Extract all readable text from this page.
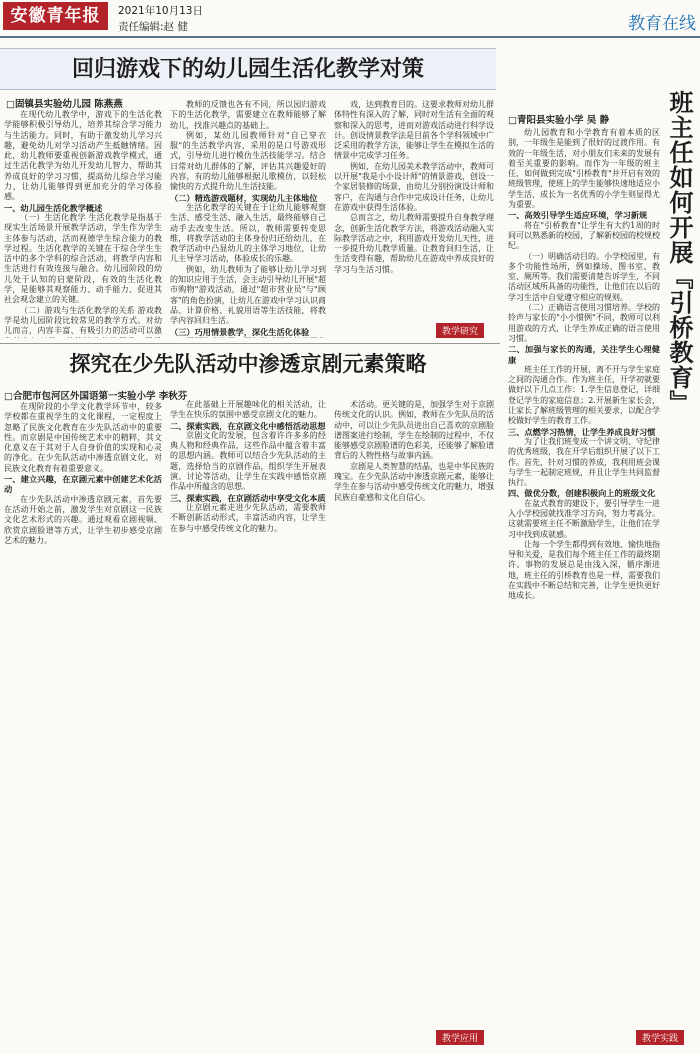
安徽青年报	2021年10月13日
责任编辑:赵 健	教育在线
回归游戏下的幼儿园生活化教学对策
□固镇县实验幼儿园 陈燕燕

在现代幼儿教学中，游戏下的生活化教学能够积极引导幼儿，培养其综合学习能力与生活能力。同时，有助于激发幼儿学习兴趣，避免幼儿对学习活动产生抵触情绪。因此，幼儿教师要重视创新游戏教学模式，通过生活化教学为幼儿开发幼儿智力，帮助其养成良好的学习习惯，提高幼儿综合学习能力，让幼儿能够得到更加充分的学习体验感。

一、幼儿园生活化教学概述

（一）生活化教学 生活化教学是指基于现实生活场景开展教学活动，学生作为学生主体参与活动，活而视德学生综合能力的教学过程。生活化教学的关键在于综合学生生活中的多个学科的综合活动，将教学内容和生活进行有效连接与融合。幼儿园阶段的幼儿处于认知的启蒙阶段，有效的生活化教学，是能够其观察能力、动手能力、促进其社会观念建立的关键。

（二）游戏与生活化教学的关系 游戏教学是幼儿园阶段比较常见的教学方式。对幼儿而言，内容丰富、有吸引力的活动可以激

教师的反馈也各有不同，所以园归游戏下的生活化教学，需要建立在教师能够了解幼儿，找准兴趣点的基础上。

例如，某幼儿园教师针对"自己穿衣服"的生活教学内容，采用的是口号游戏形式，引导幼儿进行模仿生活技能学习。结合日常对幼儿群体的了解，评估其兴趣爱好的内容，有的幼儿能够根据儿歌模仿，以轻松愉快的方式提升幼儿生活技能。

（二）精选游戏题材，实现幼儿主体地位

生活化教学的关键在于让幼儿能够观察生活、感受生活、融入生活，最终能够自己动手去改变生活。所以，教师需要转变思维，将教学活动的主体身份归还给幼儿，在教学活动中凸显幼儿的主体学习地位，让幼儿主导学习活动，体验成长的乐趣。

例如，幼儿教师为了能够让幼儿学习到的知识应用于生活，会主动引导幼儿开展"超市购物"游戏活动，通过"超市营业员"与"顾客"的角色扮演，让幼儿在游戏中学习认识商品、计算价格、礼貌用语等生活技能，将教学内容回归生活。

（三）巧用情景教学，深化生活化体验

戏，达到教育目的。这要求教师对幼儿群体特性有深入的了解，同时对生活有全面的观察和深入的思考，进而对游戏活动进行科学设计。创设情景教学法是目前各个学科领域中广泛采用的教学方法，能够让学生在模拟生活的情景中完成学习任务。

例如，在幼儿园美术教学活动中，教师可以开展"我是小小设计师"的情景游戏，创设一个家居装修的场景，由幼儿分别扮演设计师和客户，在沟通与合作中完成设计任务，让幼儿在游戏中获得生活体验。

总而言之，幼儿教师需要提升自身教学理念，创新生活化教学方法，将游戏活动融入实际教学活动之中，利用游戏开发幼儿天性，进一步提升幼儿教学质量。让教育回归生活，让生活变得有趣，帮助幼儿在游戏中养成良好的学习与生活习惯。

教学研究
探究在少先队活动中渗透京剧元素策略
□合肥市包河区外国语第一实验小学 李秋芬

在现阶段的小学文化教学环节中，较多学校都在重视学生的文化课程，一定程度上忽略了民族文化教育在少先队活动中的重要性。而京剧是中国传统艺术中的精粹，其文化意义在于其对于人自身价值的实现和心灵的净化。在少先队活动中渗透京剧文化，对民族文化教育有着重要意义。

一、建立兴趣，在京剧元素中创建艺术化活动

在少先队活动中渗透京剧元素，首先要在活动开始之前，激发学生对京剧这一民族文化艺术形式的兴趣。通过观看京剧视频、欣赏京剧脸谱等方式，让学生初步感受京剧艺术的魅力。

在此基础上开展趣味化的相关活动，让学生在快乐的氛围中感受京剧文化的魅力。

二、探索实践，在京剧文化中感悟活动思想

京剧文化的发展，包含着许许多多的经典人物和经典作品，这些作品中蕴含着丰富的思想内涵。教师可以结合少先队活动的主题，选择恰当的京剧作品，组织学生开展表演、讨论等活动，让学生在实践中感悟京剧作品中所蕴含的思想。

三、探索实践，在京剧活动中享受文化本质

让京剧元素走进少先队活动，需要教师不断创新活动形式，丰富活动内容，让学生在参与中感受传统文化的魅力。

术活动。更关键的是，加强学生对于京剧传统文化的认识。例如，教师在少先队员的活动中，可以让少先队员进出自己喜欢的京剧脸谱图案进行绘制，学生在绘制的过程中，不仅能够感受京剧脸谱的色彩美，还能够了解脸谱背后的人物性格与故事内涵。

京剧是人类智慧的结晶，也是中华民族的瑰宝。在少先队活动中渗透京剧元素，能够让学生在参与活动中感受传统文化的魅力，增强民族自豪感和文化自信心。

教学应用
□青阳县实验小学 吴 静 班主任如何开展『引桥教育』

幼儿园教育和小学教育有着本质的区别，一年级生是能到了很好的过渡作用。有效的一年级生活，对小朋友们未来的发展有着至关重要的影响。而作为一年级的班主任，如何做到完成"引桥教育"并开启有效的班级管理，使班上的学生能够快速地适应小学生活，成长为一名优秀的小学生则显得尤为重要。

一、高效引导学生适应环境，学习新规

将在"引桥教育"让学生有大约1周的时间可以熟悉新的校园，了解新校园的校规校纪。

（一）明确活动目的。小学校园里，有多个功能性场所，例如操场、图书室、教室、厕所等。我们需要清楚告诉学生，不同活动区域所具备的功能性，让他们在以后的学习生活中自觉遵守相应的规则。

（二）正确语言使用习惯培养。学校的铃声与家长的"小小惯例"不同，教师可以利用游戏的方式，让学生养成正确的语言使用习惯。

二、加强与家长的沟通，关注学生心理健康

班主任工作的开展，离不开与学生家庭之间的沟通合作。作为班主任，开学初就要做好以下几点工作：1.学生信息登记，详细登记学生的家庭信息；2.开展新生家长会，让家长了解班级管理的相关要求，以配合学校做好学生的教育工作。

三、点燃学习热情，让学生养成良好习惯

为了让我们班变成一个讲文明、守纪律的优秀班级，我在开学后组织开展了以下工作。首先，针对习惯的养成，我利用班会课与学生一起制定班规，并且让学生共同监督执行。

四、做优分数，创建积极向上的班级文化

在盆式教育的建设下，要引导学生一进入小学校园就找准学习方向，努力考高分。这就需要班主任不断激励学生，让他们在学习中找到成就感。

让每一个学生都得到有效地、愉快地指导和关爱，是我们每个班主任工作的最终期许。事物的发展总是由浅入深，循序渐进地，班主任的引桥教育也是一样，需要我们在实践中不断总结和完善，让学生更快更好地成长。

教学实践
